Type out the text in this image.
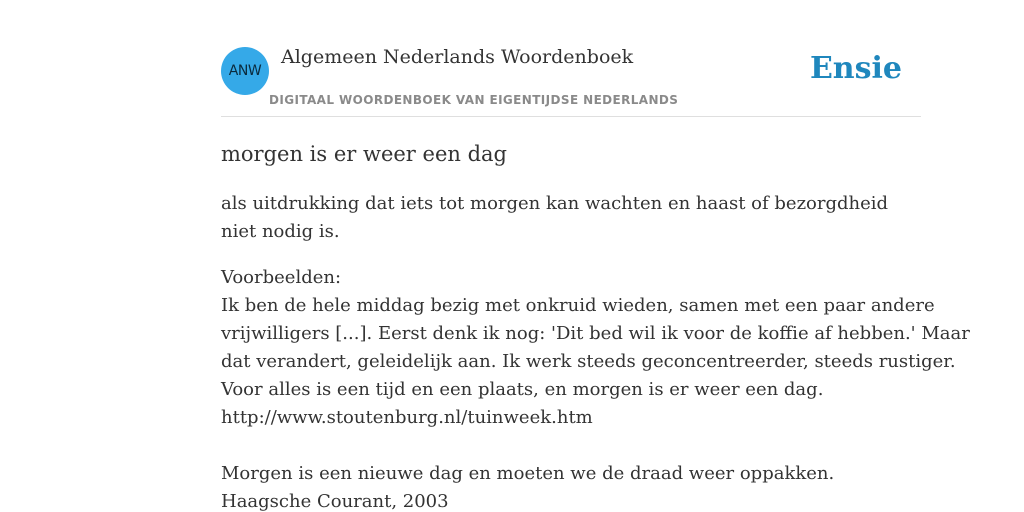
ANW
Algemeen Nederlands Woordenboek
DIGITAAL WOORDENBOEK VAN EIGENTIJDSE NEDERLANDS
Ensie
morgen is er weer een dag

als uitdrukking dat iets tot morgen kan wachten en haast of bezorgdheid niet nodig is.

Voorbeelden:
Ik ben de hele middag bezig met onkruid wieden, samen met een paar andere
vrijwilligers [...]. Eerst denk ik nog: 'Dit bed wil ik voor de koffie af hebben.' Maar
dat verandert, geleidelijk aan. Ik werk steeds geconcentreerder, steeds rustiger.
Voor alles is een tijd en een plaats, en morgen is er weer een dag.
http://www.stoutenburg.nl/tuinweek.htm
Morgen is een nieuwe dag en moeten we de draad weer oppakken.
Haagsche Courant, 2003
